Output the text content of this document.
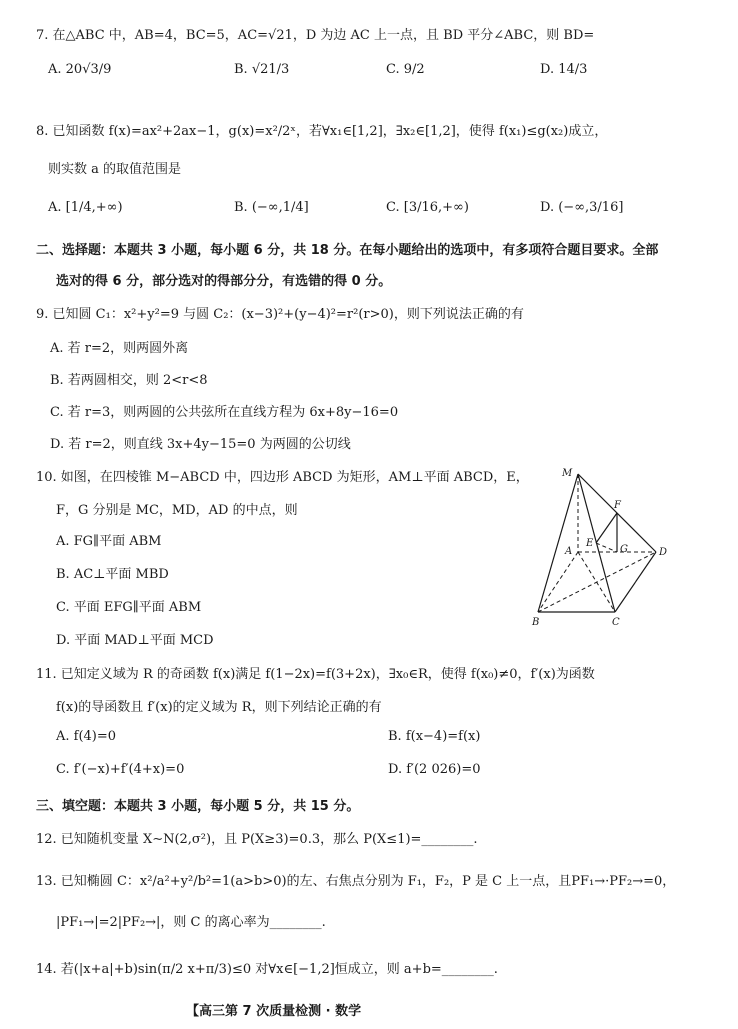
7. 在△ABC 中，AB=4，BC=5，AC=√21，D 为边 AC 上一点，且 BD 平分∠ABC，则 BD=
A. 20√3/9	B. √21/3	C. 9/2	D. 14/3
8. 已知函数 f(x)=ax²+2ax−1，g(x)=x²/2ˣ，若∀x₁∈[1,2]，∃x₂∈[1,2]，使得 f(x₁)≤g(x₂)成立，
则实数 a 的取值范围是
A. [1/4,+∞)	B. (−∞,1/4]	C. [3/16,+∞)	D. (−∞,3/16]
二、选择题：本题共 3 小题，每小题 6 分，共 18 分。在每小题给出的选项中，有多项符合题目要求。全部
选对的得 6 分，部分选对的得部分分，有选错的得 0 分。
9. 已知圆 C₁：x²+y²=9 与圆 C₂：(x−3)²+(y−4)²=r²(r>0)，则下列说法正确的有
A. 若 r=2，则两圆外离
B. 若两圆相交，则 2<r<8
C. 若 r=3，则两圆的公共弦所在直线方程为 6x+8y−16=0
D. 若 r=2，则直线 3x+4y−15=0 为两圆的公切线
10. 如图，在四棱锥 M−ABCD 中，四边形 ABCD 为矩形，AM⊥平面 ABCD，E，
F，G 分别是 MC，MD，AD 的中点，则
A. FG∥平面 ABM
B. AC⊥平面 MBD
C. 平面 EFG∥平面 ABM
D. 平面 MAD⊥平面 MCD
M
F
A
E
G	D
B	C
11. 已知定义域为 R 的奇函数 f(x)满足 f(1−2x)=f(3+2x)，∃x₀∈R，使得 f(x₀)≠0，f′(x)为函数
f(x)的导函数且 f′(x)的定义域为 R，则下列结论正确的有
A. f(4)=0	B. f(x−4)=f(x)
C. f′(−x)+f′(4+x)=0	D. f′(2 026)=0
三、填空题：本题共 3 小题，每小题 5 分，共 15 分。
12. 已知随机变量 X∼N(2,σ²)，且 P(X≥3)=0.3，那么 P(X≤1)=________.
13. 已知椭圆 C：x²/a²+y²/b²=1(a>b>0)的左、右焦点分别为 F₁，F₂，P 是 C 上一点，且PF₁→·PF₂→=0，
|PF₁→|=2|PF₂→|，则 C 的离心率为________.
14. 若(|x+a|+b)sin(π/2 x+π/3)≤0 对∀x∈[−1,2]恒成立，则 a+b=________.
【高三第 7 次质量检测 · 数学
